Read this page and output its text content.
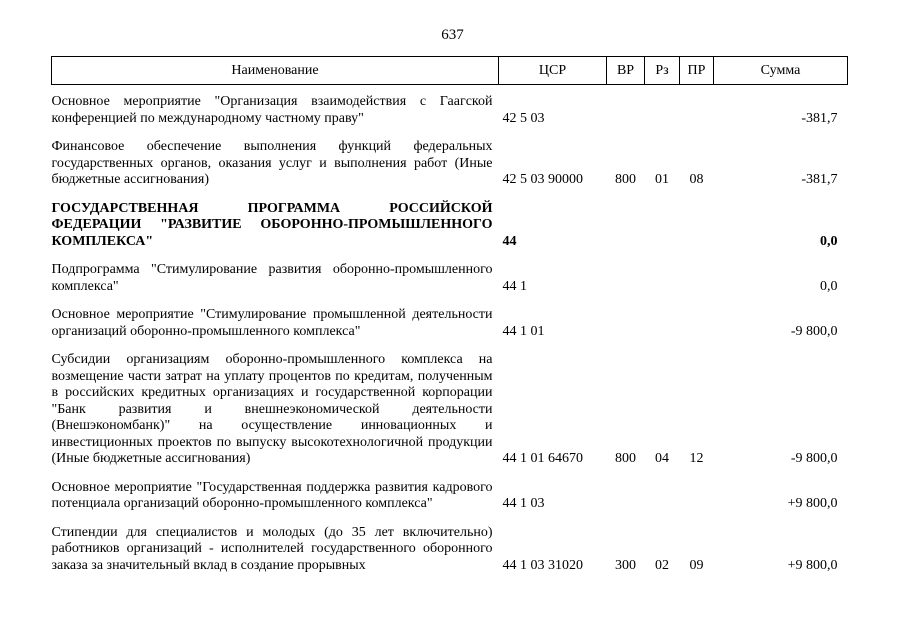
637
Наименование	ЦСР	ВР	Рз	ПР	Сумма
Основное мероприятие "Организация взаимодействия с Гаагской конференцией по международному частному праву"	42 5 03				-381,7
Финансовое обеспечение выполнения функций федеральных государственных органов, оказания услуг и выполнения работ (Иные бюджетные ассигнования)	42 5 03 90000	800	01	08	-381,7
ГОСУДАРСТВЕННАЯ ПРОГРАММА РОССИЙСКОЙ ФЕДЕРАЦИИ "РАЗВИТИЕ ОБОРОННО-ПРОМЫШЛЕННОГО КОМПЛЕКСА"	44				0,0
Подпрограмма "Стимулирование развития оборонно-промышленного комплекса"	44 1				0,0
Основное мероприятие "Стимулирование промышленной деятельности организаций оборонно-промышленного комплекса"	44 1 01				-9 800,0
Субсидии организациям оборонно-промышленного комплекса на возмещение части затрат на уплату процентов по кредитам, полученным в российских кредитных организациях и государственной корпорации "Банк развития и внешнеэкономической деятельности (Внешэкономбанк)" на осуществление инновационных и инвестиционных проектов по выпуску высокотехнологичной продукции (Иные бюджетные ассигнования)	44 1 01 64670	800	04	12	-9 800,0
Основное мероприятие "Государственная поддержка развития кадрового потенциала организаций оборонно-промышленного комплекса"	44 1 03				+9 800,0
Стипендии для специалистов и молодых (до 35 лет включительно) работников организаций - исполнителей государственного оборонного заказа за значительный вклад в создание прорывных	44 1 03 31020	300	02	09	+9 800,0
